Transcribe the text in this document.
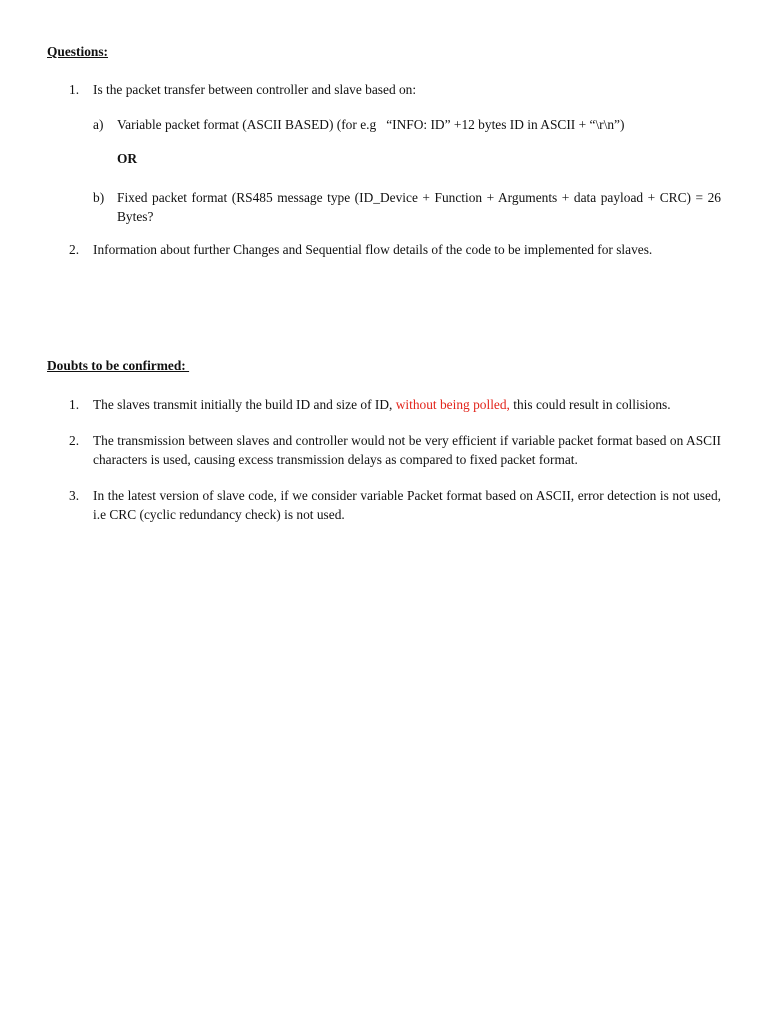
Questions:
1.	Is the packet transfer between controller and slave based on:
a)	Variable packet format (ASCII BASED) (for e.g   “INFO: ID” +12 bytes ID in ASCII + “\r\n”)
OR
b) Fixed packet format (RS485 message type (ID_Device + Function + Arguments + data payload + CRC) = 26 Bytes?
2.	Information about further Changes and Sequential flow details of the code to be implemented for slaves.
Doubts to be confirmed:
1.	The slaves transmit initially the build ID and size of ID, without being polled, this could result in collisions.
2.	The transmission between slaves and controller would not be very efficient if variable packet format based on ASCII characters is used, causing excess transmission delays as compared to fixed packet format.
3.	In the latest version of slave code, if we consider variable Packet format based on ASCII, error detection is not used, i.e CRC (cyclic redundancy check) is not used.
